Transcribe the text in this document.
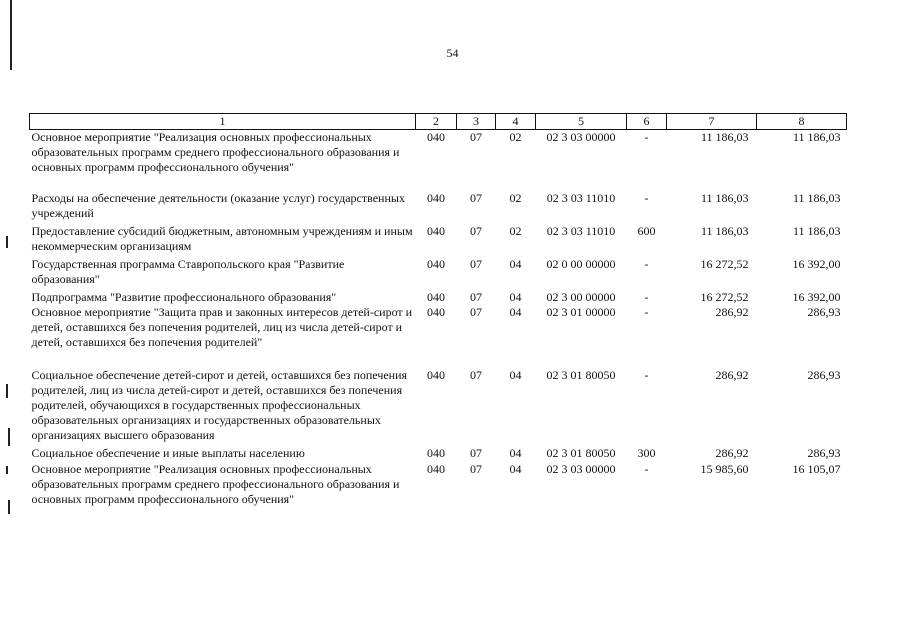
54
1	2	3	4	5	6	7	8
Основное мероприятие "Реализация основных профессиональных образовательных программ среднего профессионального образования и основных программ профессионального обучения"	040	07	02	02 3 03 00000	-	11 186,03	11 186,03
Расходы на обеспечение деятельности (оказание услуг) государственных учреждений	040	07	02	02 3 03 11010	-	11 186,03	11 186,03
Предоставление субсидий бюджетным, автономным учреждениям и иным некоммерческим организациям	040	07	02	02 3 03 11010	600	11 186,03	11 186,03
Государственная программа Ставропольского края "Развитие образования"	040	07	04	02 0 00 00000	-	16 272,52	16 392,00
Подпрограмма "Развитие профессионального образования"	040	07	04	02 3 00 00000	-	16 272,52	16 392,00
Основное мероприятие "Защита прав и законных интересов детей-сирот и детей, оставшихся без попечения родителей, лиц из числа детей-сирот и детей, оставшихся без попечения родителей"	040	07	04	02 3 01 00000	-	286,92	286,93
Социальное обеспечение детей-сирот и детей, оставшихся без попечения родителей, лиц из числа детей-сирот и детей, оставшихся без попечения родителей, обучающихся в государственных профессиональных образовательных организациях и государственных образовательных организациях высшего образования	040	07	04	02 3 01 80050	-	286,92	286,93
Социальное обеспечение и иные выплаты населению	040	07	04	02 3 01 80050	300	286,92	286,93
Основное мероприятие "Реализация основных профессиональных образовательных программ среднего профессионального образования и основных программ профессионального обучения"	040	07	04	02 3 03 00000	-	15 985,60	16 105,07
